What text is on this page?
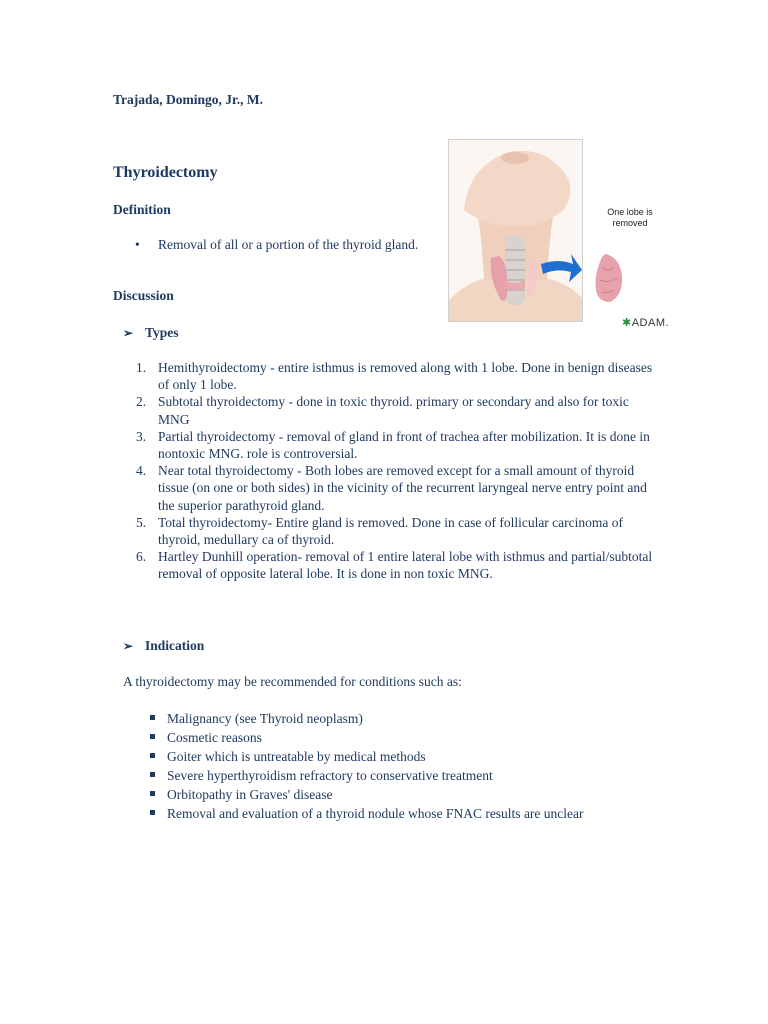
Trajada, Domingo, Jr., M.
Thyroidectomy
Definition
• Removal of all or a portion of the thyroid gland.
Discussion
➢ Types
1. Hemithyroidectomy - entire isthmus is removed along with 1 lobe. Done in benign diseases of only 1 lobe.
2. Subtotal thyroidectomy - done in toxic thyroid. primary or secondary and also for toxic MNG
3. Partial thyroidectomy - removal of gland in front of trachea after mobilization. It is done in nontoxic MNG. role is controversial.
4. Near total thyroidectomy - Both lobes are removed except for a small amount of thyroid tissue (on one or both sides) in the vicinity of the recurrent laryngeal nerve entry point and the superior parathyroid gland.
5. Total thyroidectomy- Entire gland is removed. Done in case of follicular carcinoma of thyroid, medullary ca of thyroid.
6. Hartley Dunhill operation- removal of 1 entire lateral lobe with isthmus and partial/subtotal removal of opposite lateral lobe. It is done in non toxic MNG.
➢ Indication
A thyroidectomy may be recommended for conditions such as:
Malignancy (see Thyroid neoplasm)
Cosmetic reasons
Goiter which is untreatable by medical methods
Severe hyperthyroidism refractory to conservative treatment
Orbitopathy in Graves' disease
Removal and evaluation of a thyroid nodule whose FNAC results are unclear
One lobe is removed
✱ADAM.
